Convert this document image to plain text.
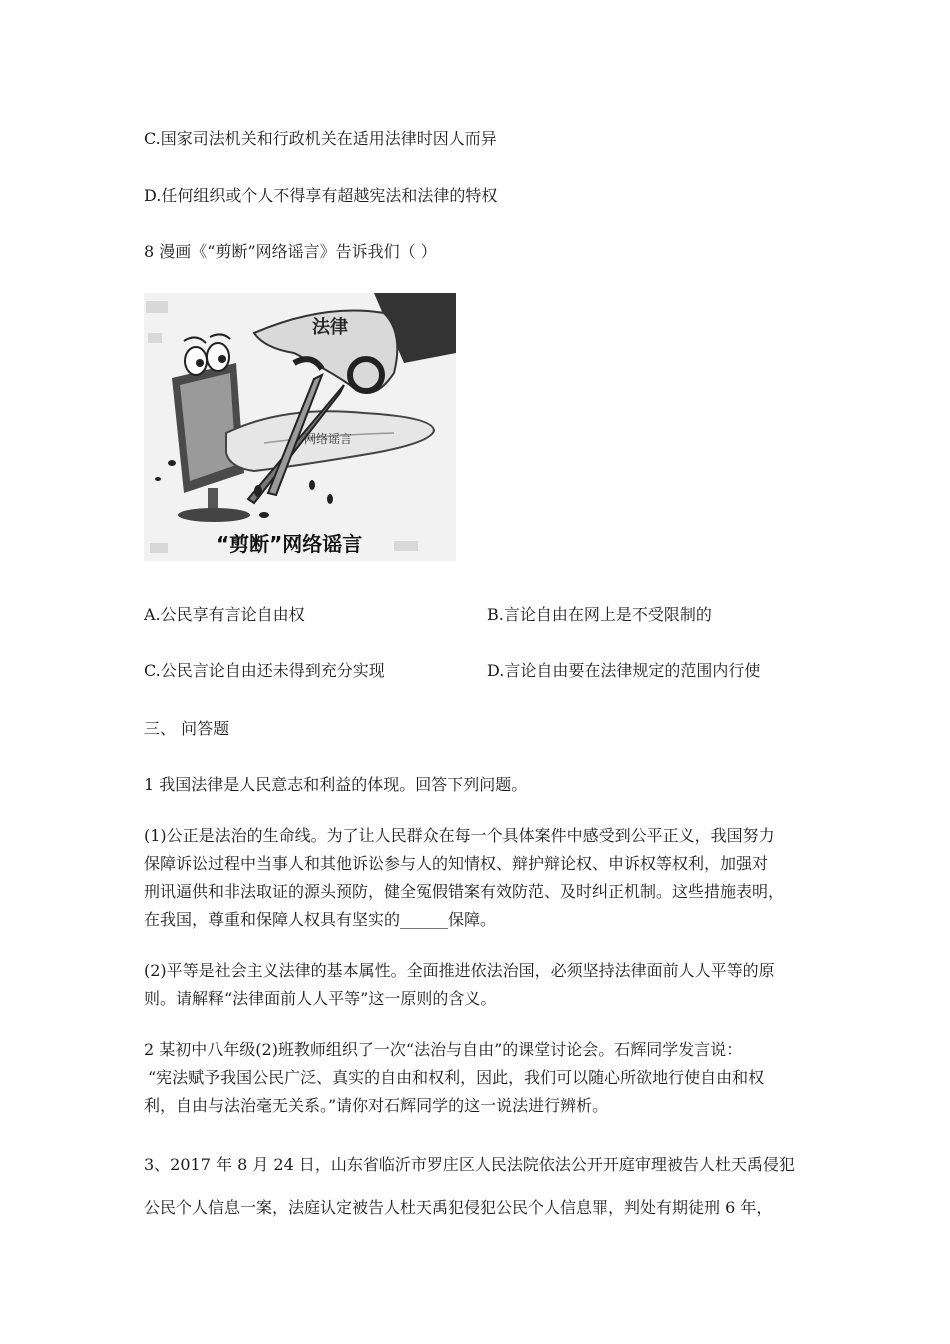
C.国家司法机关和行政机关在适用法律时因人而异
D.任何组织或个人不得享有超越宪法和法律的特权
8 漫画《“剪断”网络谣言》告诉我们（ ）
法律
网络谣言
“剪断”网络谣言
A.公民享有言论自由权	B.言论自由在网上是不受限制的
C.公民言论自由还未得到充分实现	D.言论自由要在法律规定的范围内行使
三、 问答题
1 我国法律是人民意志和利益的体现。回答下列问题。
(1)公正是法治的生命线。为了让人民群众在每一个具体案件中感受到公平正义，我国努力
保障诉讼过程中当事人和其他诉讼参与人的知情权、辩护辩论权、申诉权等权利，加强对
刑讯逼供和非法取证的源头预防，健全冤假错案有效防范、及时纠正机制。这些措施表明，
在我国，尊重和保障人权具有坚实的______保障。
(2)平等是社会主义法律的基本属性。全面推进依法治国，必须坚持法律面前人人平等的原
则。请解释“法律面前人人平等”这一原则的含义。
2 某初中八年级(2)班教师组织了一次“法治与自由”的课堂讨论会。石辉同学发言说：
“宪法赋予我国公民广泛、真实的自由和权利，因此，我们可以随心所欲地行使自由和权
利，自由与法治毫无关系。”请你对石辉同学的这一说法进行辨析。
3、2017 年 8 月 24 日，山东省临沂市罗庄区人民法院依法公开开庭审理被告人杜天禹侵犯
公民个人信息一案，法庭认定被告人杜天禹犯侵犯公民个人信息罪，判处有期徒刑 6 年，
